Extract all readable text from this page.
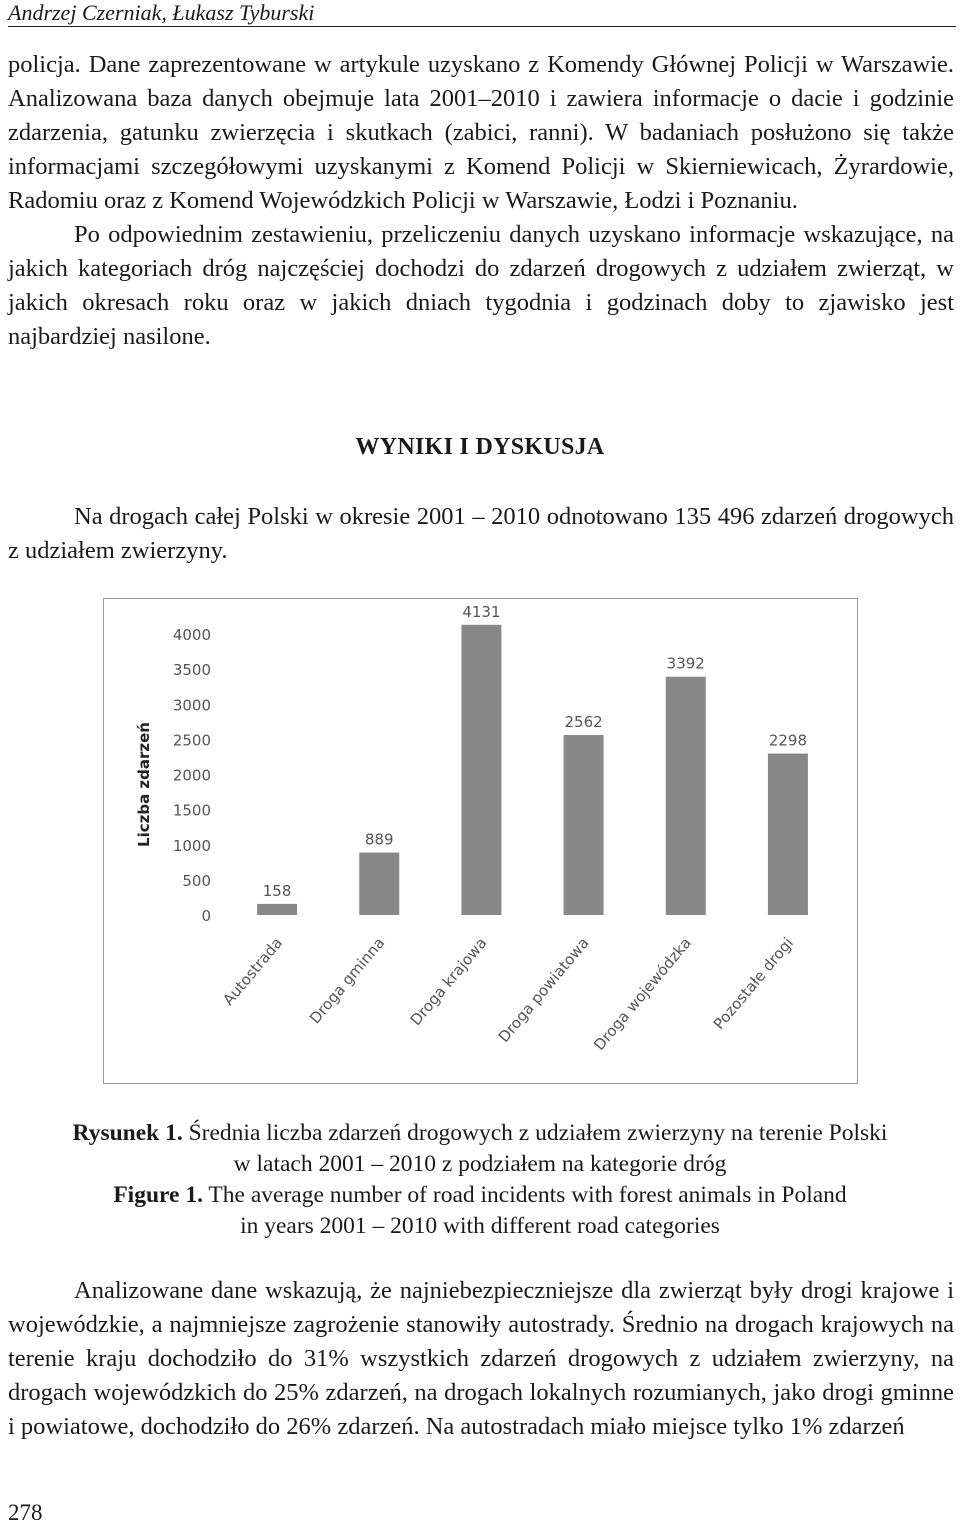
Andrzej Czerniak, Łukasz Tyburski

policja. Dane zaprezentowane w artykule uzyskano z Komendy Głównej Policji w Warszawie. Analizowana baza danych obejmuje lata 2001–2010 i zawiera informacje o dacie i godzinie zdarzenia, gatunku zwierzęcia i skutkach (zabici, ranni). W badaniach posłużono się także informacjami szczegółowymi uzyskanymi z Komend Policji w Skierniewicach, Żyrardowie, Radomiu oraz z Komend Wojewódzkich Policji w Warszawie, Łodzi i Poznaniu.

Po odpowiednim zestawieniu, przeliczeniu danych uzyskano informacje wskazujące, na jakich kategoriach dróg najczęściej dochodzi do zdarzeń drogowych z udziałem zwierząt, w jakich okresach roku oraz w jakich dniach tygodnia i godzinach doby to zjawisko jest najbardziej nasilone.

WYNIKI I DYSKUSJA

Na drogach całej Polski w okresie 2001 – 2010 odnotowano 135 496 zdarzeń drogowych z udziałem zwierzyny.

0
500
1000
1500
2000
2500
3000
3500
4000
Liczba zdarzeń
158
Autostrada
889
Droga gminna
4131
Droga krajowa
2562
Droga powiatowa
3392
Droga wojewódzka
2298
Pozostałe drogi
Rysunek 1. Średnia liczba zdarzeń drogowych z udziałem zwierzyny na terenie Polski
w latach 2001 – 2010 z podziałem na kategorie dróg
Figure 1. The average number of road incidents with forest animals in Poland
in years 2001 – 2010 with different road categories

Analizowane dane wskazują, że najniebezpieczniejsze dla zwierząt były drogi krajowe i wojewódzkie, a najmniejsze zagrożenie stanowiły autostrady. Średnio na drogach krajowych na terenie kraju dochodziło do 31% wszystkich zdarzeń drogowych z udziałem zwierzyny, na drogach wojewódzkich do 25% zdarzeń, na drogach lokalnych rozumianych, jako drogi gminne i powiatowe, dochodziło do 26% zdarzeń. Na autostradach miało miejsce tylko 1% zdarzeń

278
